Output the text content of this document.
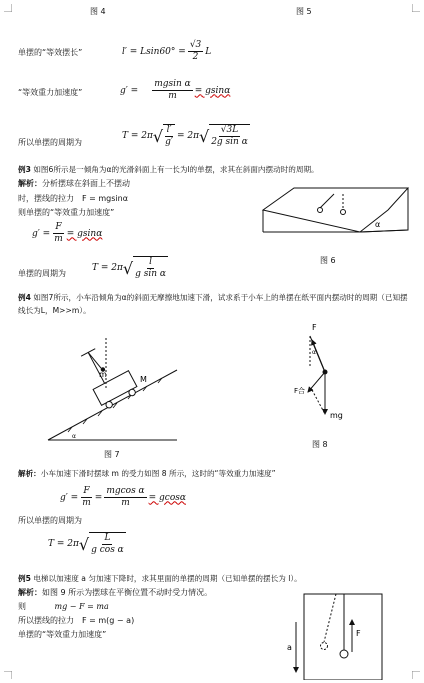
图 4	图 5
单摆的“等效摆长”	$l' = Lsin60^\circ = \frac{√3}{2}$ L
“等效重力加速度”	$g' = \frac{\text{mgsin α}}{m} = gsin\alpha$
所以单摆的周期为
T = 2π √ $\frac{l'}{g'} = 2\pi$ √ $\frac{√3L}{\text{2g sin α}}$
例3 如图6所示是一倾角为α的光滑斜面上有一长为l的单摆，求其在斜面内摆动时的周期。
解析：分析摆球在斜面上不摆动
时，摆线的拉力　F = mgsinα
则单摆的“等效重力加速度”
$g' = \frac{F}{m} = gsin\alpha$
单摆的周期为
T = 2π √ $\frac{l}{\text{g sin α}}$
α
图 6
例4 如图7所示，小车沿倾角为α的斜面无摩擦地加速下滑，试求系于小车上的单摆在纸平面内摆动时的周期（已知摆线长为L，M>>m）。
M
m
α
图 7
F
α
F合
mg
图 8
解析：小车加速下滑时摆球 m 的受力如图 8 所示，这时的“等效重力加速度”
$g' = \frac{F}{m} = \frac{\text{mgcos α}}{m} = gcos\alpha$
所以单摆的周期为
T = 2π √ $\frac{L}{\text{g cos α}}$
例5 电梯以加速度 a 匀加速下降时，求其里面的单摆的周期（已知单摆的摆长为 l）。
解析：如图 9 所示为摆球在平衡位置不动时受力情况。
则	mg − F = ma
所以摆线的拉力　F = m(g − a)
单摆的“等效重力加速度”
a
F
